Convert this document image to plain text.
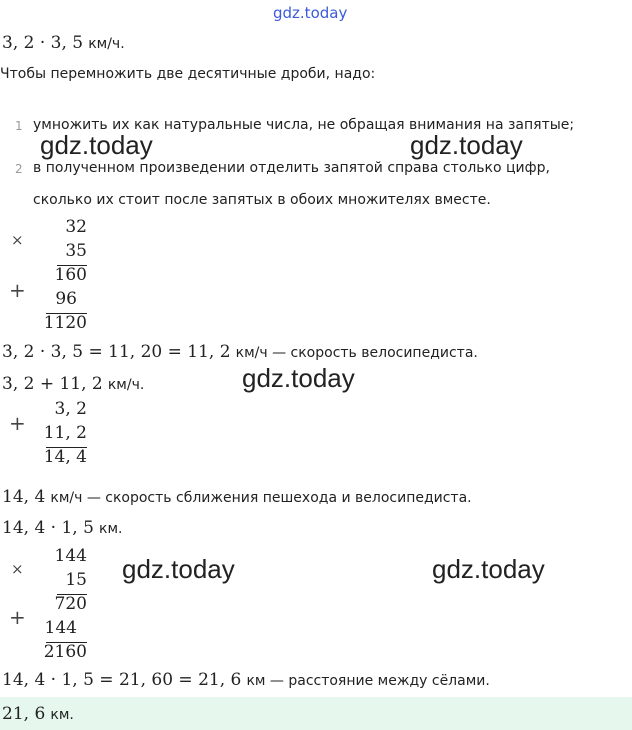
gdz.today
3, 2 · 3, 5 км/ч.
Чтобы перемножить две десятичные дроби, надо:
1 умножить их как натуральные числа, не обращая внимания на запятые;
2 в полученном произведении отделить запятой справа столько цифр,
сколько их стоит после запятых в обоих множителях вместе.
gdz.today	gdz.today
×
32
35
160
+	96
1120
3, 2 · 3, 5 = 11, 20 = 11, 2 км/ч — скорость велосипедиста.
3, 2 + 11, 2 км/ч.	gdz.today
+
3, 2
11, 2
14, 4
14, 4 км/ч — скорость сближения пешехода и велосипедиста.
14, 4 · 1, 5 км.
gdz.today	gdz.today
×
144
15
720
+	144
2160
14, 4 · 1, 5 = 21, 60 = 21, 6 км — расстояние между сёлами.
21, 6 км.
